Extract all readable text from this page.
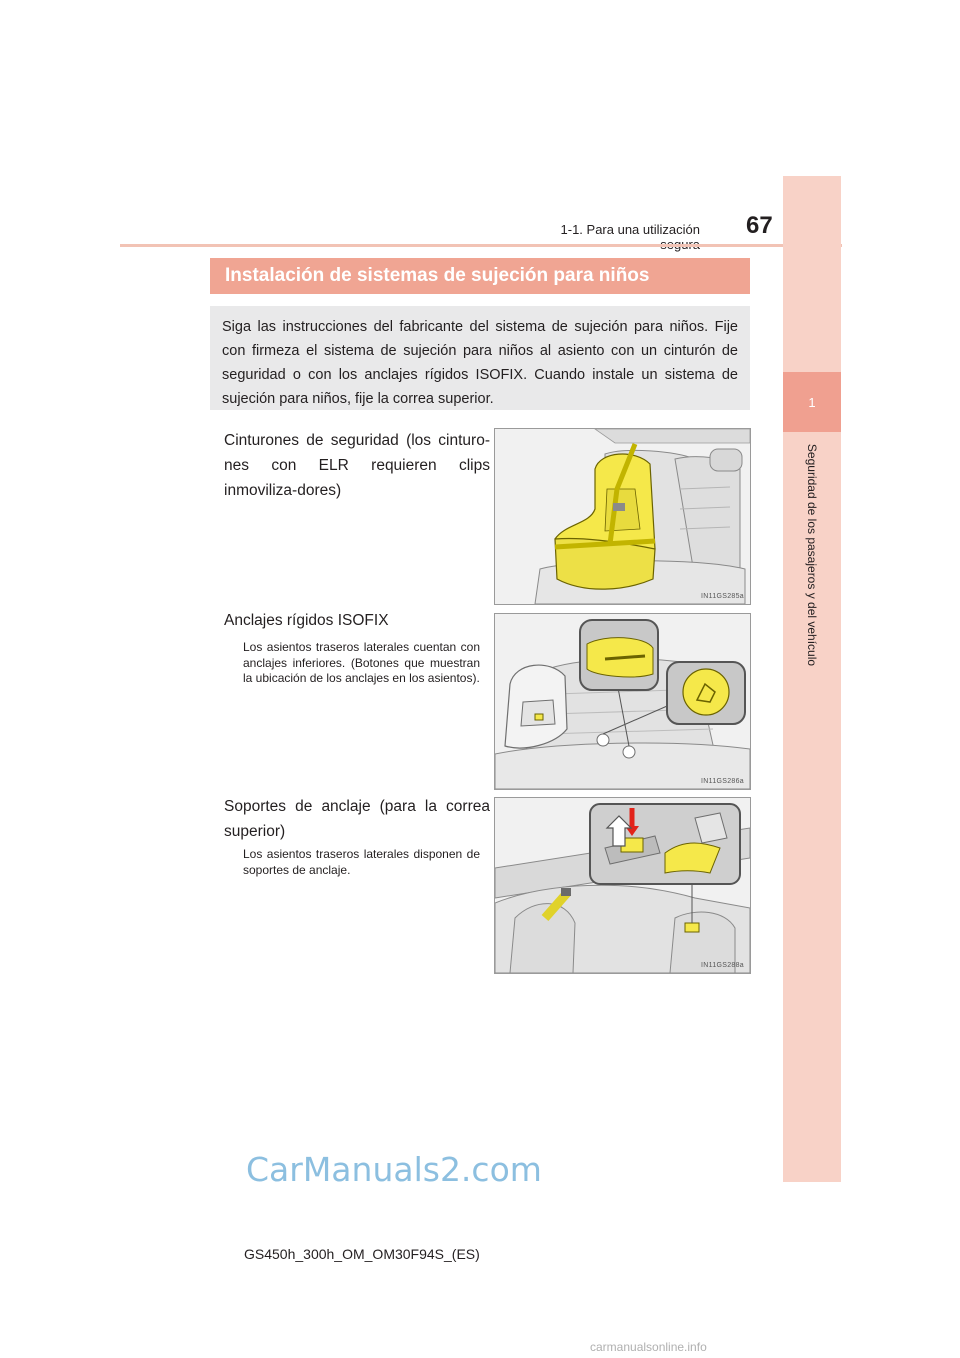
1-1. Para una utilización 67
1
Seguridad de los pasajeros y del vehículo
Instalación de sistemas de sujeción para niños
Siga las instrucciones del fabricante del sistema de sujeción para niños. Fije con firmeza el sistema de sujeción para niños al asiento con un cinturón de seguridad o con los anclajes rígidos ISOFIX. Cuando instale un sistema de sujeción para niños, fije la correa superior.
Cinturones de seguridad (los cinturo-nes con ELR requieren clips inmoviliza-dores)
IN11GS285a
Anclajes rígidos ISOFIX
Los asientos traseros laterales cuentan con anclajes inferiores. (Botones que muestran la ubicación de los anclajes en los asientos).
IN11GS286a
Soportes de anclaje (para la correa superior)
Los asientos traseros laterales disponen de soportes de anclaje.
IN11GS288a
CarManuals2.com
GS450h_300h_OM_OM30F94S_(ES)
carmanualsonline.info
